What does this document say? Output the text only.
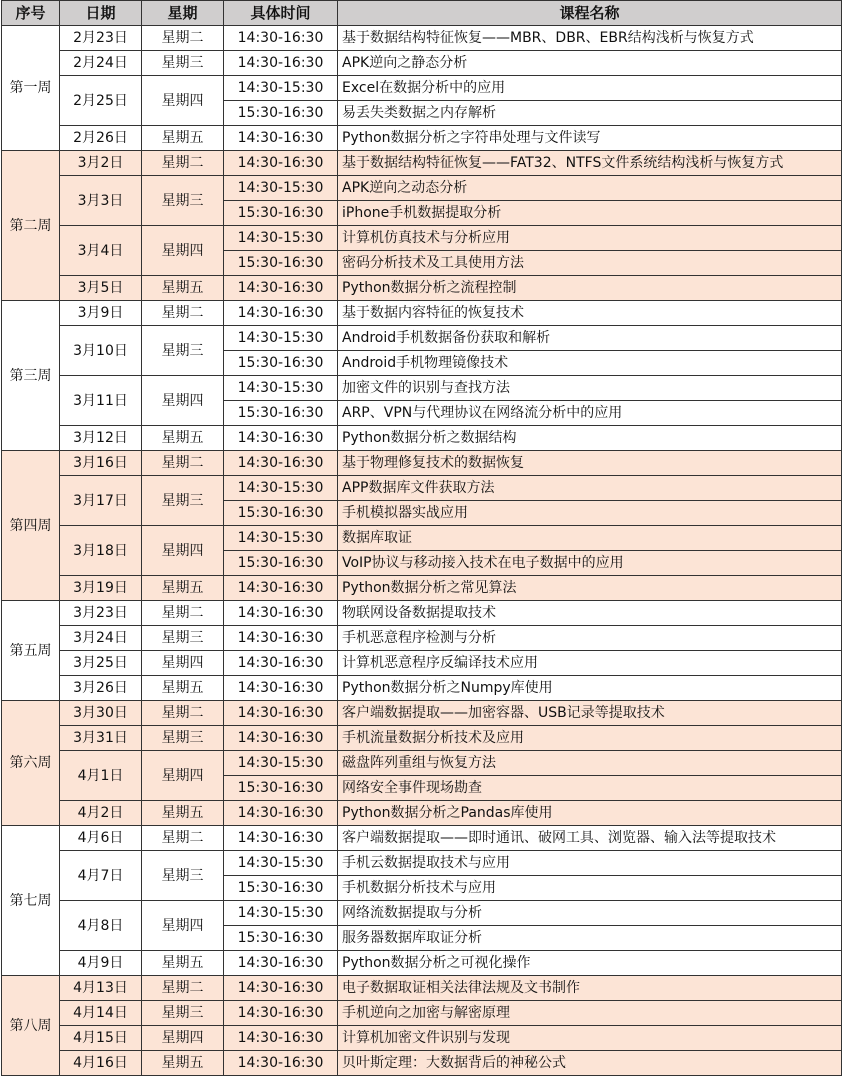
序号	日期	星期	具体时间	课程名称
第一周	2月23日	星期二	14:30-16:30	基于数据结构特征恢复——MBR、DBR、EBR结构浅析与恢复方式
	2月24日	星期三	14:30-16:30	APK逆向之静态分析
	2月25日	星期四	14:30-15:30	Excel在数据分析中的应用
			15:30-16:30	易丢失类数据之内存解析
	2月26日	星期五	14:30-16:30	Python数据分析之字符串处理与文件读写
第二周	3月2日	星期二	14:30-16:30	基于数据结构特征恢复——FAT32、NTFS文件系统结构浅析与恢复方式
	3月3日	星期三	14:30-15:30	APK逆向之动态分析
			15:30-16:30	iPhone手机数据提取分析
	3月4日	星期四	14:30-15:30	计算机仿真技术与分析应用
			15:30-16:30	密码分析技术及工具使用方法
	3月5日	星期五	14:30-16:30	Python数据分析之流程控制
第三周	3月9日	星期二	14:30-16:30	基于数据内容特征的恢复技术
	3月10日	星期三	14:30-15:30	Android手机数据备份获取和解析
			15:30-16:30	Android手机物理镜像技术
	3月11日	星期四	14:30-15:30	加密文件的识别与查找方法
			15:30-16:30	ARP、VPN与代理协议在网络流分析中的应用
	3月12日	星期五	14:30-16:30	Python数据分析之数据结构
第四周	3月16日	星期二	14:30-16:30	基于物理修复技术的数据恢复
	3月17日	星期三	14:30-15:30	APP数据库文件获取方法
			15:30-16:30	手机模拟器实战应用
	3月18日	星期四	14:30-15:30	数据库取证
			15:30-16:30	VoIP协议与移动接入技术在电子数据中的应用
	3月19日	星期五	14:30-16:30	Python数据分析之常见算法
第五周	3月23日	星期二	14:30-16:30	物联网设备数据提取技术
	3月24日	星期三	14:30-16:30	手机恶意程序检测与分析
	3月25日	星期四	14:30-16:30	计算机恶意程序反编译技术应用
	3月26日	星期五	14:30-16:30	Python数据分析之Numpy库使用
第六周	3月30日	星期二	14:30-16:30	客户端数据提取——加密容器、USB记录等提取技术
	3月31日	星期三	14:30-16:30	手机流量数据分析技术及应用
	4月1日	星期四	14:30-15:30	磁盘阵列重组与恢复方法
			15:30-16:30	网络安全事件现场勘查
	4月2日	星期五	14:30-16:30	Python数据分析之Pandas库使用
第七周	4月6日	星期二	14:30-16:30	客户端数据提取——即时通讯、破网工具、浏览器、输入法等提取技术
	4月7日	星期三	14:30-15:30	手机云数据提取技术与应用
			15:30-16:30	手机数据分析技术与应用
	4月8日	星期四	14:30-15:30	网络流数据提取与分析
			15:30-16:30	服务器数据库取证分析
	4月9日	星期五	14:30-16:30	Python数据分析之可视化操作
第八周	4月13日	星期二	14:30-16:30	电子数据取证相关法律法规及文书制作
	4月14日	星期三	14:30-16:30	手机逆向之加密与解密原理
	4月15日	星期四	14:30-16:30	计算机加密文件识别与发现
	4月16日	星期五	14:30-16:30	贝叶斯定理：大数据背后的神秘公式
